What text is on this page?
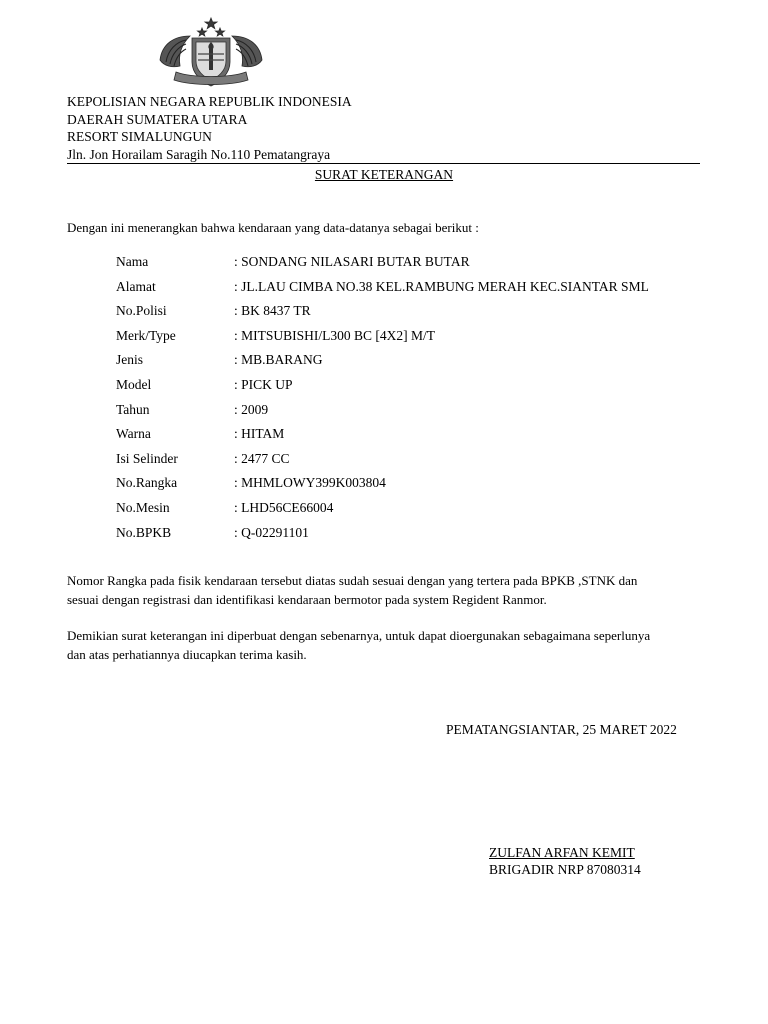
KEPOLISIAN NEGARA REPUBLIK INDONESIA
DAERAH SUMATERA UTARA
RESORT SIMALUNGUN
Jln. Jon Horailam Saragih No.110 Pematangraya
SURAT KETERANGAN
Dengan ini menerangkan bahwa kendaraan yang data-datanya sebagai berikut :
Nama	: SONDANG NILASARI BUTAR BUTAR
Alamat	: JL.LAU CIMBA NO.38 KEL.RAMBUNG MERAH KEC.SIANTAR SML
No.Polisi	: BK 8437 TR
Merk/Type	: MITSUBISHI/L300 BC [4X2] M/T
Jenis	: MB.BARANG
Model	: PICK UP
Tahun	: 2009
Warna	: HITAM
Isi Selinder	: 2477 CC
No.Rangka	: MHMLOWY399K003804
No.Mesin	: LHD56CE66004
No.BPKB	: Q-02291101
Nomor Rangka pada fisik kendaraan tersebut diatas sudah sesuai dengan yang tertera pada BPKB ,STNK dan
sesuai dengan registrasi dan identifikasi kendaraan bermotor pada system Regident Ranmor.
Demikian surat keterangan ini diperbuat dengan sebenarnya, untuk dapat dioergunakan sebagaimana seperlunya
dan atas perhatiannya diucapkan terima kasih.
PEMATANGSIANTAR, 25 MARET 2022
ZULFAN ARFAN KEMIT
BRIGADIR NRP 87080314
